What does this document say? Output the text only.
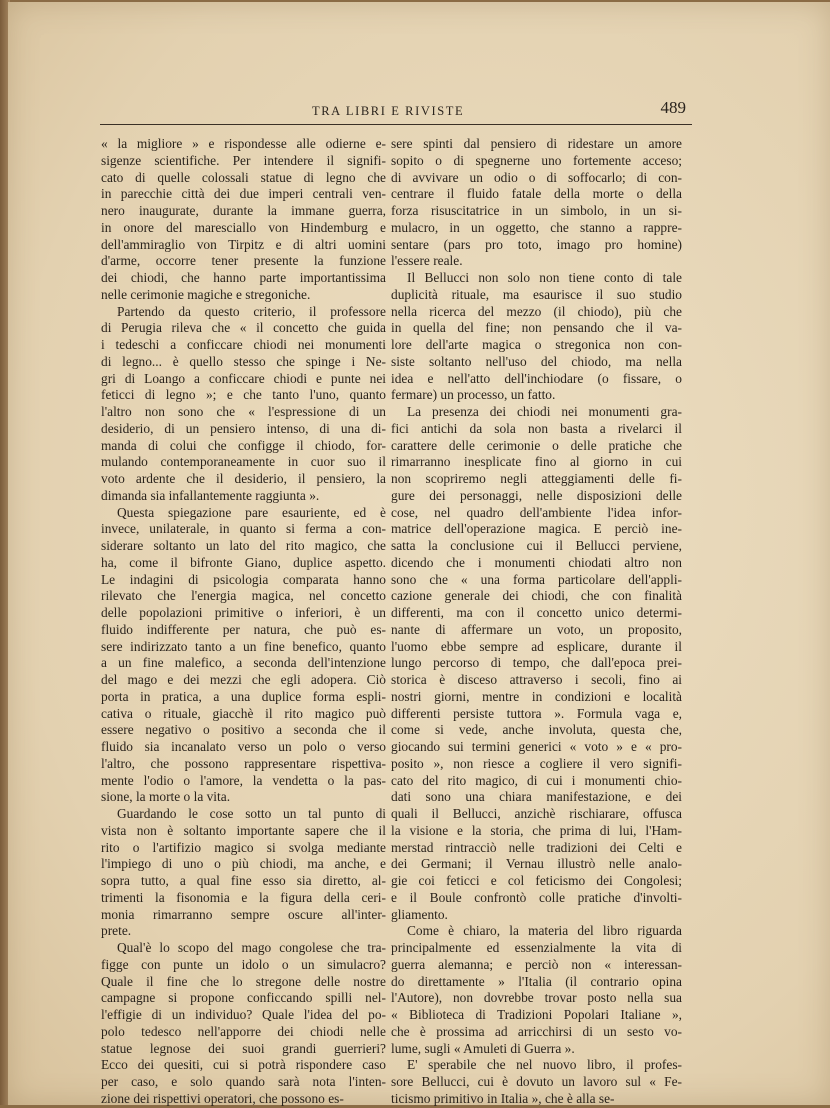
TRA LIBRI E RIVISTE	489
« la migliore » e rispondesse alle odierne e-
sigenze scientifiche. Per intendere il signifi-
cato di quelle colossali statue di legno che
in parecchie città dei due imperi centrali ven-
nero inaugurate, durante la immane guerra,
in onore del maresciallo von Hindemburg e
dell'ammiraglio von Tirpitz e di altri uomini
d'arme, occorre tener presente la funzione
dei chiodi, che hanno parte importantissima
nelle cerimonie magiche e stregoniche.
Partendo da questo criterio, il professore
di Perugia rileva che « il concetto che guida
i tedeschi a conficcare chiodi nei monumenti
di legno... è quello stesso che spinge i Ne-
gri di Loango a conficcare chiodi e punte nei
feticci di legno »; e che tanto l'uno, quanto
l'altro non sono che « l'espressione di un
desiderio, di un pensiero intenso, di una di-
manda di colui che configge il chiodo, for-
mulando contemporaneamente in cuor suo il
voto ardente che il desiderio, il pensiero, la
dimanda sia infallantemente raggiunta ».
Questa spiegazione pare esauriente, ed è
invece, unilaterale, in quanto si ferma a con-
siderare soltanto un lato del rito magico, che
ha, come il bifronte Giano, duplice aspetto.
Le indagini di psicologia comparata hanno
rilevato che l'energia magica, nel concetto
delle popolazioni primitive o inferiori, è un
fluido indifferente per natura, che può es-
sere indirizzato tanto a un fine benefico, quanto
a un fine malefico, a seconda dell'intenzione
del mago e dei mezzi che egli adopera. Ciò
porta in pratica, a una duplice forma espli-
cativa o rituale, giacchè il rito magico può
essere negativo o positivo a seconda che il
fluido sia incanalato verso un polo o verso
l'altro, che possono rappresentare rispettiva-
mente l'odio o l'amore, la vendetta o la pas-
sione, la morte o la vita.
Guardando le cose sotto un tal punto di
vista non è soltanto importante sapere che il
rito o l'artifizio magico si svolga mediante
l'impiego di uno o più chiodi, ma anche, e
sopra tutto, a qual fine esso sia diretto, al-
trimenti la fisonomia e la figura della ceri-
monia rimarranno sempre oscure all'inter-
prete.
Qual'è lo scopo del mago congolese che tra-
figge con punte un idolo o un simulacro?
Quale il fine che lo stregone delle nostre
campagne si propone conficcando spilli nel-
l'effigie di un individuo? Quale l'idea del po-
polo tedesco nell'apporre dei chiodi nelle
statue legnose dei suoi grandi guerrieri?
Ecco dei quesiti, cui si potrà rispondere caso
per caso, e solo quando sarà nota l'inten-
zione dei rispettivi operatori, che possono es-
sere spinti dal pensiero di ridestare un amore
sopito o di spegnerne uno fortemente acceso;
di avvivare un odio o di soffocarlo; di con-
centrare il fluido fatale della morte o della
forza risuscitatrice in un simbolo, in un si-
mulacro, in un oggetto, che stanno a rappre-
sentare (pars pro toto, imago pro homine)
l'essere reale.
Il Bellucci non solo non tiene conto di tale
duplicità rituale, ma esaurisce il suo studio
nella ricerca del mezzo (il chiodo), più che
in quella del fine; non pensando che il va-
lore dell'arte magica o stregonica non con-
siste soltanto nell'uso del chiodo, ma nella
idea e nell'atto dell'inchiodare (o fissare, o
fermare) un processo, un fatto.
La presenza dei chiodi nei monumenti gra-
fici antichi da sola non basta a rivelarci il
carattere delle cerimonie o delle pratiche che
rimarranno inesplicate fino al giorno in cui
non scopriremo negli atteggiamenti delle fi-
gure dei personaggi, nelle disposizioni delle
cose, nel quadro dell'ambiente l'idea infor-
matrice dell'operazione magica. E perciò ine-
satta la conclusione cui il Bellucci perviene,
dicendo che i monumenti chiodati altro non
sono che « una forma particolare dell'appli-
cazione generale dei chiodi, che con finalità
differenti, ma con il concetto unico determi-
nante di affermare un voto, un proposito,
l'uomo ebbe sempre ad esplicare, durante il
lungo percorso di tempo, che dall'epoca prei-
storica è disceso attraverso i secoli, fino ai
nostri giorni, mentre in condizioni e località
differenti persiste tuttora ». Formula vaga e,
come si vede, anche involuta, questa che,
giocando sui termini generici « voto » e « pro-
posito », non riesce a cogliere il vero signifi-
cato del rito magico, di cui i monumenti chio-
dati sono una chiara manifestazione, e dei
quali il Bellucci, anzichè rischiarare, offusca
la visione e la storia, che prima di lui, l'Ham-
merstad rintracciò nelle tradizioni dei Celti e
dei Germani; il Vernau illustrò nelle analo-
gie coi feticci e col feticismo dei Congolesi;
e il Boule confrontò colle pratiche d'involti-
gliamento.
Come è chiaro, la materia del libro riguarda
principalmente ed essenzialmente la vita di
guerra alemanna; e perciò non « interessan-
do direttamente » l'Italia (il contrario opina
l'Autore), non dovrebbe trovar posto nella sua
« Biblioteca di Tradizioni Popolari Italiane »,
che è prossima ad arricchirsi di un sesto vo-
lume, sugli « Amuleti di Guerra ».
E' sperabile che nel nuovo libro, il profes-
sore Bellucci, cui è dovuto un lavoro sul « Fe-
ticismo primitivo in Italia », che è alla se-
